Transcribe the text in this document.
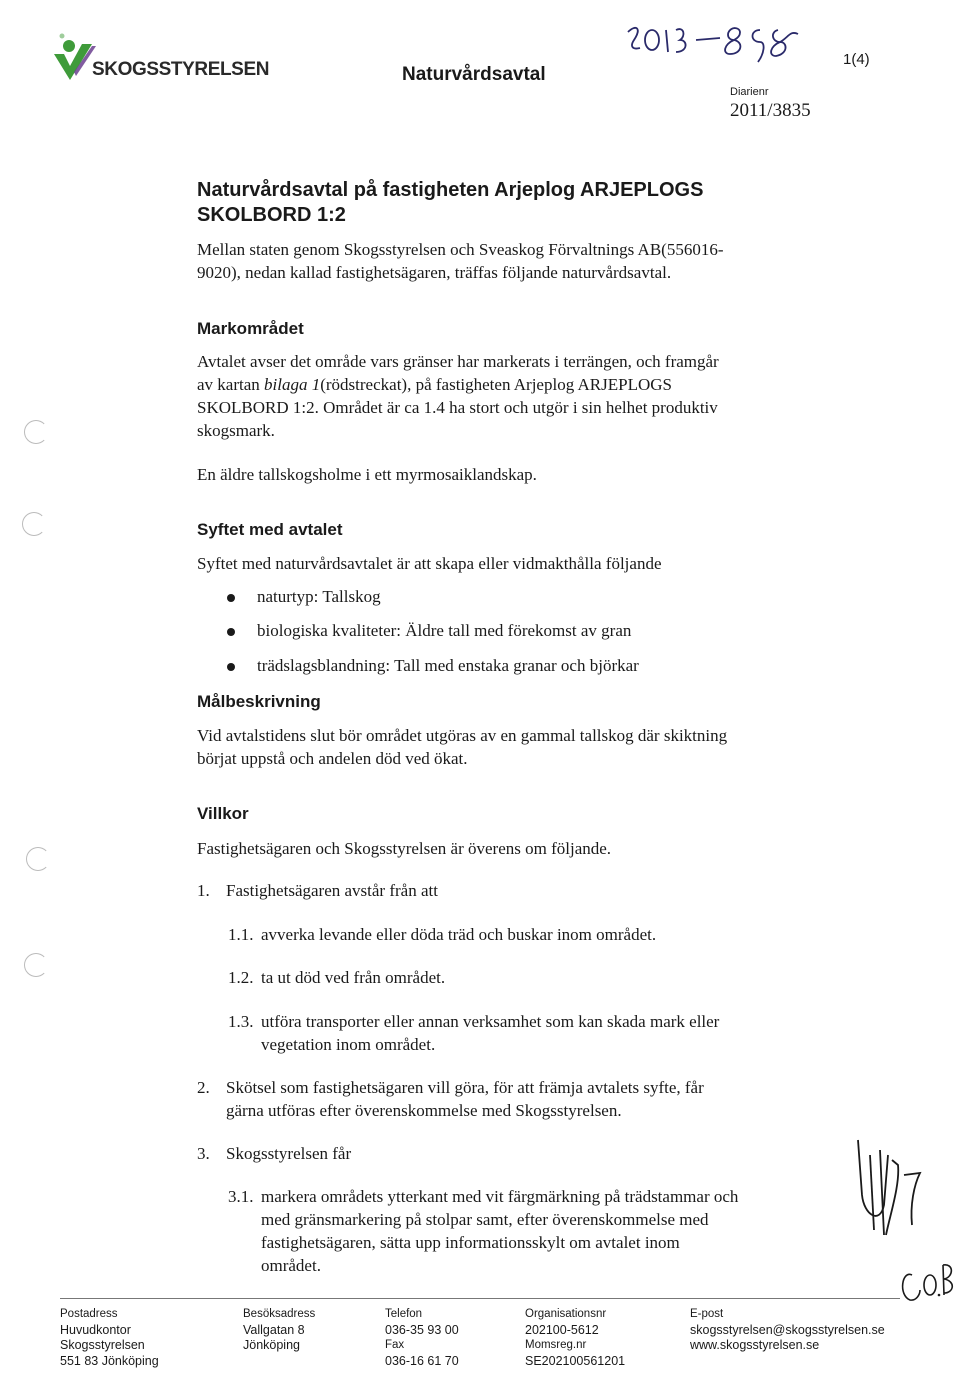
SKOGSSTYRELSEN	Naturvårdsavtal
1(4)
Diarienr
2011/3835
Naturvårdsavtal på fastigheten Arjeplog ARJEPLOGS
SKOLBORD 1:2
Mellan staten genom Skogsstyrelsen och Sveaskog Förvaltnings AB(556016-
9020), nedan kallad fastighetsägaren, träffas följande naturvårdsavtal.
Markområdet
Avtalet avser det område vars gränser har markerats i terrängen, och framgår
av kartan bilaga 1(rödstreckat), på fastigheten Arjeplog ARJEPLOGS
SKOLBORD 1:2. Området är ca 1.4 ha stort och utgör i sin helhet produktiv
skogsmark.
En äldre tallskogsholme i ett myrmosaiklandskap.
Syftet med avtalet
Syftet med naturvårdsavtalet är att skapa eller vidmakthålla följande
naturtyp: Tallskog
biologiska kvaliteter: Äldre tall med förekomst av gran
trädslagsblandning: Tall med enstaka granar och björkar
Målbeskrivning
Vid avtalstidens slut bör området utgöras av en gammal tallskog där skiktning
börjat uppstå och andelen död ved ökat.
Villkor
Fastighetsägaren och Skogsstyrelsen är överens om följande.
1. Fastighetsägaren avstår från att
1.1. avverka levande eller döda träd och buskar inom området.
1.2. ta ut död ved från området.
1.3. utföra transporter eller annan verksamhet som kan skada mark eller
vegetation inom området.
2. Skötsel som fastighetsägaren vill göra, för att främja avtalets syfte, får
gärna utföras efter överenskommelse med Skogsstyrelsen.
3. Skogsstyrelsen får
3.1. markera områdets ytterkant med vit färgmärkning på trädstammar och
med gränsmarkering på stolpar samt, efter överenskommelse med
fastighetsägaren, sätta upp informationsskylt om avtalet inom
området.
Postadress
Huvudkontor
Skogsstyrelsen
551 83 Jönköping
Besöksadress
Vallgatan 8
Jönköping
Telefon
036-35 93 00
Fax
036-16 61 70
Organisationsnr
202100-5612
Momsreg.nr
SE202100561201
E-post
skogsstyrelsen@skogsstyrelsen.se
www.skogsstyrelsen.se
